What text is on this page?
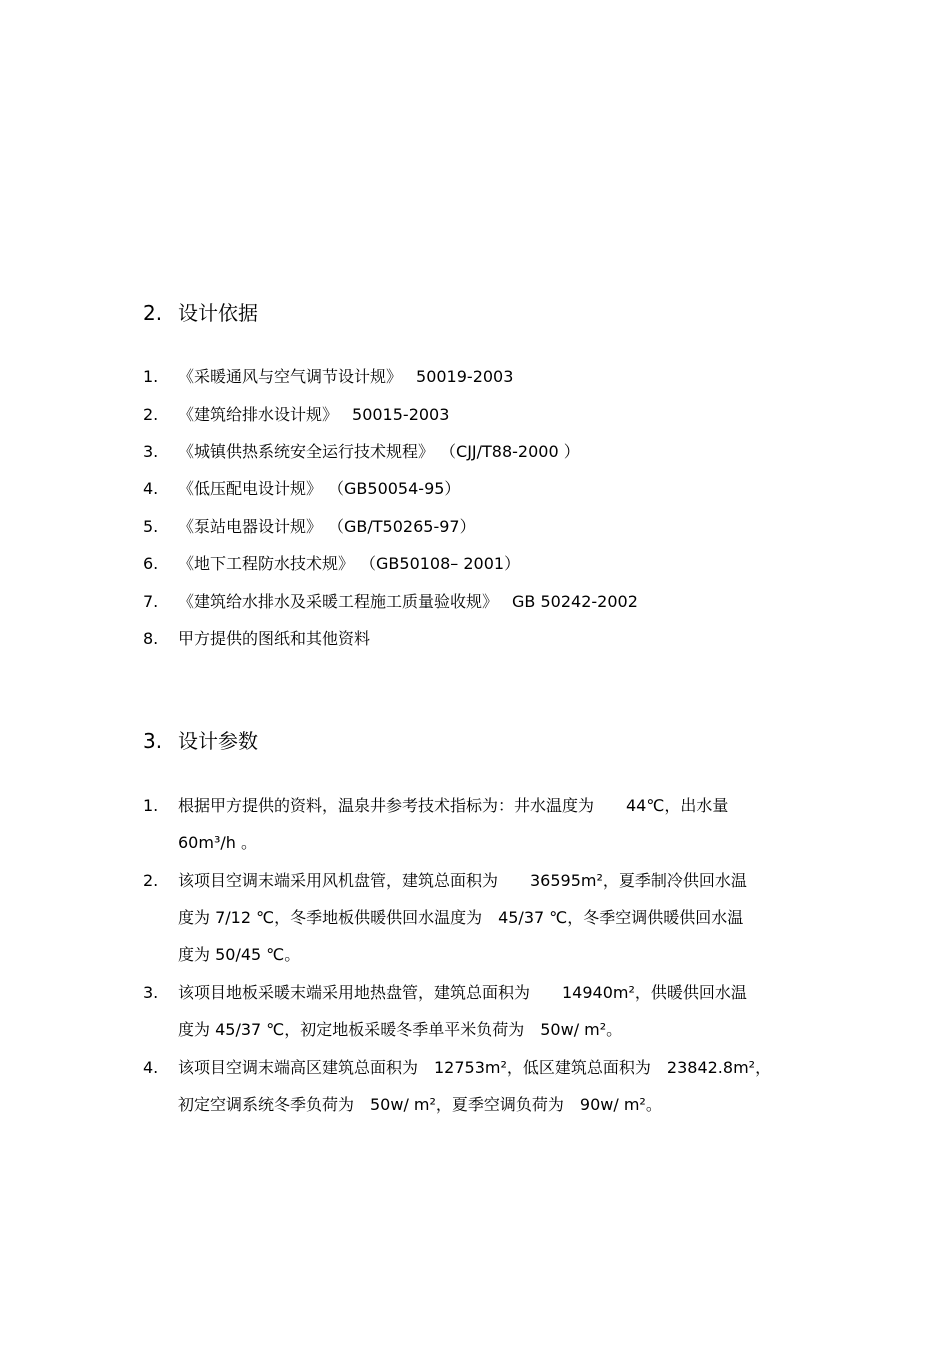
2. 设计依据
1. 《采暖通风与空气调节设计规》 50019-2003
2. 《建筑给排水设计规》 50015-2003
3. 《城镇供热系统安全运行技术规程》 （CJJ/T88-2000 ）
4. 《低压配电设计规》 （GB50054-95）
5. 《泵站电器设计规》 （GB/T50265-97）
6. 《地下工程防水技术规》 （GB50108– 2001）
7. 《建筑给水排水及采暖工程施工质量验收规》 GB 50242-2002
8. 甲方提供的图纸和其他资料
3. 设计参数
1. 根据甲方提供的资料，温泉井参考技术指标为：井水温度为　　44℃，出水量
60m³/h 。
2. 该项目空调末端采用风机盘管，建筑总面积为　　36595m²，夏季制冷供回水温
度为 7/12 ℃，冬季地板供暖供回水温度为　45/37 ℃，冬季空调供暖供回水温
度为 50/45 ℃。
3. 该项目地板采暖末端采用地热盘管，建筑总面积为　　14940m²，供暖供回水温
度为 45/37 ℃，初定地板采暖冬季单平米负荷为　50w/ m²。
4. 该项目空调末端高区建筑总面积为　12753m²，低区建筑总面积为　23842.8m²，
初定空调系统冬季负荷为　50w/ m²，夏季空调负荷为　90w/ m²。
